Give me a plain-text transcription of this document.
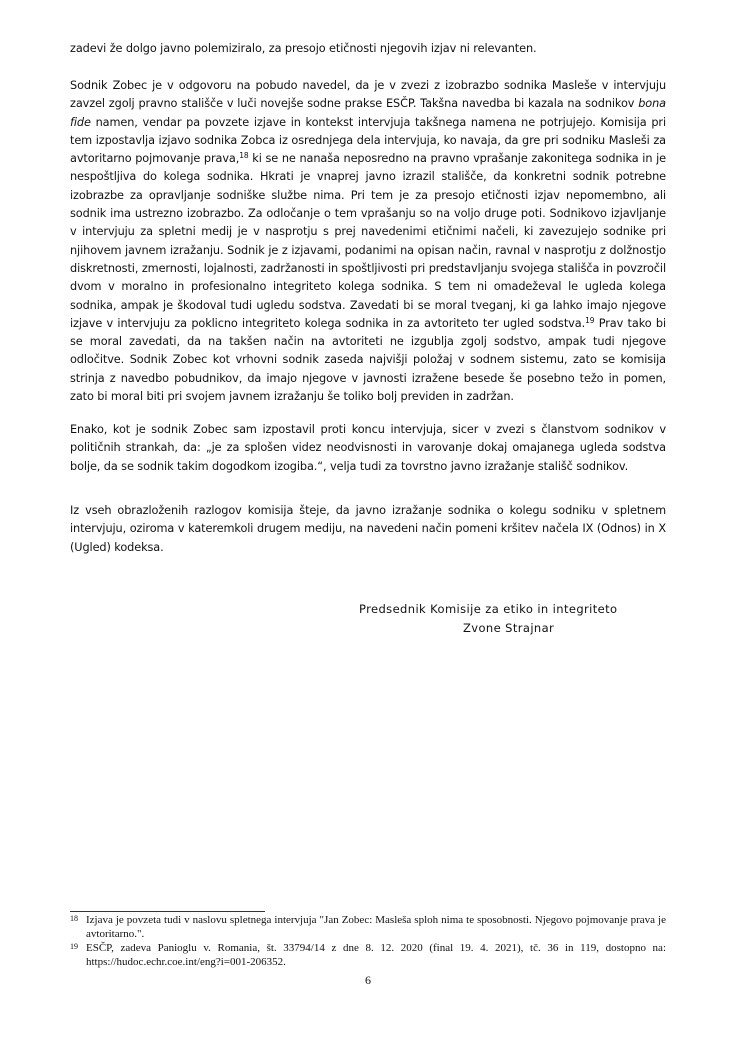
zadevi že dolgo javno polemiziralo, za presojo etičnosti njegovih izjav ni relevanten.

Sodnik Zobec je v odgovoru na pobudo navedel, da je v zvezi z izobrazbo sodnika Masleše v intervjuju zavzel zgolj pravno stališče v luči novejše sodne prakse ESČP. Takšna navedba bi kazala na sodnikov bona fide namen, vendar pa povzete izjave in kontekst intervjuja takšnega namena ne potrjujejo. Komisija pri tem izpostavlja izjavo sodnika Zobca iz osrednjega dela intervjuja, ko navaja, da gre pri sodniku Masleši za avtoritarno pojmovanje prava,$^{18}$ ki se ne nanaša neposredno na pravno vprašanje zakonitega sodnika in je nespoštljiva do kolega sodnika. Hkrati je vnaprej javno izrazil stališče, da konkretni sodnik potrebne izobrazbe za opravljanje sodniške službe nima. Pri tem je za presojo etičnosti izjav nepomembno, ali sodnik ima ustrezno izobrazbo. Za odločanje o tem vprašanju so na voljo druge poti. Sodnikovo izjavljanje v intervjuju za spletni medij je v nasprotju s prej navedenimi etičnimi načeli, ki zavezujejo sodnike pri njihovem javnem izražanju. Sodnik je z izjavami, podanimi na opisan način, ravnal v nasprotju z dolžnostjo diskretnosti, zmernosti, lojalnosti, zadržanosti in spoštljivosti pri predstavljanju svojega stališča in povzročil dvom v moralno in profesionalno integriteto kolega sodnika. S tem ni omadeževal le ugleda kolega sodnika, ampak je škodoval tudi ugledu sodstva. Zavedati bi se moral tveganj, ki ga lahko imajo njegove izjave v intervjuju za poklicno integriteto kolega sodnika in za avtoriteto ter ugled sodstva.$^{19}$ Prav tako bi se moral zavedati, da na takšen način na avtoriteti ne izgublja zgolj sodstvo, ampak tudi njegove odločitve. Sodnik Zobec kot vrhovni sodnik zaseda najvišji položaj v sodnem sistemu, zato se komisija strinja z navedbo pobudnikov, da imajo njegove v javnosti izražene besede še posebno težo in pomen, zato bi moral biti pri svojem javnem izražanju še toliko bolj previden in zadržan.

Enako, kot je sodnik Zobec sam izpostavil proti koncu intervjuja, sicer v zvezi s članstvom sodnikov v političnih strankah, da: „je za splošen videz neodvisnosti in varovanje dokaj omajanega ugleda sodstva bolje, da se sodnik takim dogodkom izogiba.“, velja tudi za tovrstno javno izražanje stališč sodnikov.

Iz vseh obrazloženih razlogov komisija šteje, da javno izražanje sodnika o kolegu sodniku v spletnem intervjuju, oziroma v kateremkoli drugem mediju, na navedeni način pomeni kršitev načela IX (Odnos) in X (Ugled) kodeksa.

Predsednik Komisije za etiko in integriteto
Zvone Strajnar
18 Izjava je povzeta tudi v naslovu spletnega intervjuja "Jan Zobec: Masleša sploh nima te sposobnosti. Njegovo pojmovanje prava je avtoritarno.".
19 ESČP, zadeva Panioglu v. Romania, št. 33794/14 z dne 8. 12. 2020 (final 19. 4. 2021), tč. 36 in 119, dostopno na: https://hudoc.echr.coe.int/eng?i=001-206352.
6
